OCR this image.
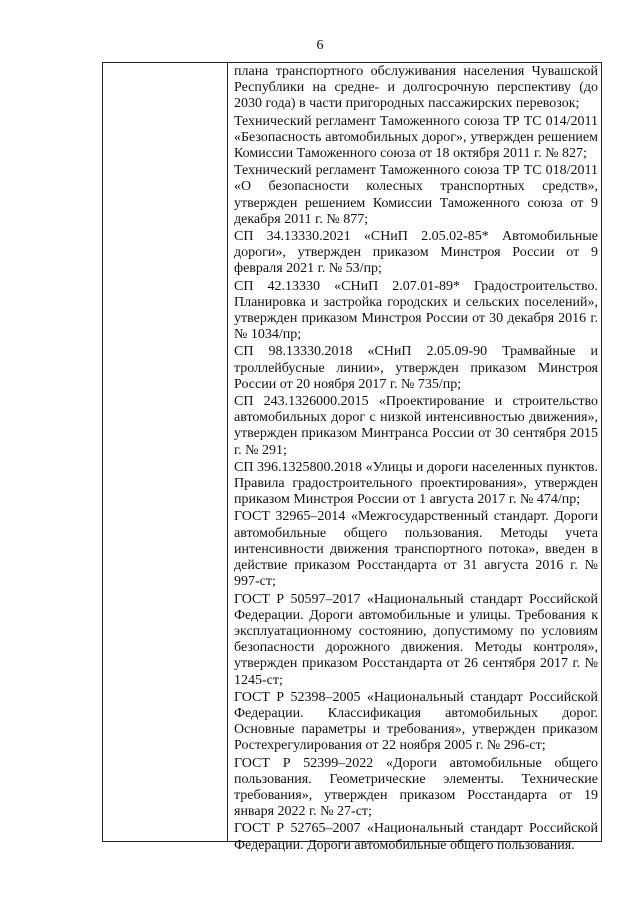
6

плана транспортного обслуживания населения Чувашской Республики на средне- и долгосрочную перспективу (до 2030 года) в части пригородных пассажирских перевозок;

Технический регламент Таможенного союза ТР ТС 014/2011 «Безопасность автомобильных дорог», утвержден решением Комиссии Таможенного союза от 18 октября 2011 г. № 827;

Технический регламент Таможенного союза ТР ТС 018/2011 «О безопасности колесных транспортных средств», утвержден решением Комиссии Таможенного союза от 9 декабря 2011 г. № 877;

СП 34.13330.2021 «СНиП 2.05.02-85* Автомобильные дороги», утвержден приказом Минстроя России от 9 февраля 2021 г. № 53/пр;

СП 42.13330 «СНиП 2.07.01-89* Градостроительство. Планировка и застройка городских и сельских поселений», утвержден приказом Минстроя России от 30 декабря 2016 г. № 1034/пр;

СП 98.13330.2018 «СНиП 2.05.09-90 Трамвайные и троллейбусные линии», утвержден приказом Минстроя России от 20 ноября 2017 г. № 735/пр;

СП 243.1326000.2015 «Проектирование и строительство автомобильных дорог с низкой интенсивностью движения», утвержден приказом Минтранса России от 30 сентября 2015 г. № 291;

СП 396.1325800.2018 «Улицы и дороги населенных пунктов. Правила градостроительного проектирования», утвержден приказом Минстроя России от 1 августа 2017 г. № 474/пр;

ГОСТ 32965–2014 «Межгосударственный стандарт. Дороги автомобильные общего пользования. Методы учета интенсивности движения транспортного потока», введен в действие приказом Росстандарта от 31 августа 2016 г. № 997-ст;

ГОСТ Р 50597–2017 «Национальный стандарт Российской Федерации. Дороги автомобильные и улицы. Требования к эксплуатационному состоянию, допустимому по условиям безопасности дорожного движения. Методы контроля», утвержден приказом Росстандарта от 26 сентября 2017 г. № 1245-ст;

ГОСТ Р 52398–2005 «Национальный стандарт Российской Федерации. Классификация автомобильных дорог. Основные параметры и требования», утвержден приказом Ростехрегулирования от 22 ноября 2005 г. № 296-ст;

ГОСТ Р 52399–2022 «Дороги автомобильные общего пользования. Геометрические элементы. Технические требования», утвержден приказом Росстандарта от 19 января 2022 г. № 27-ст;

ГОСТ Р 52765–2007 «Национальный стандарт Российской Федерации. Дороги автомобильные общего пользования.
